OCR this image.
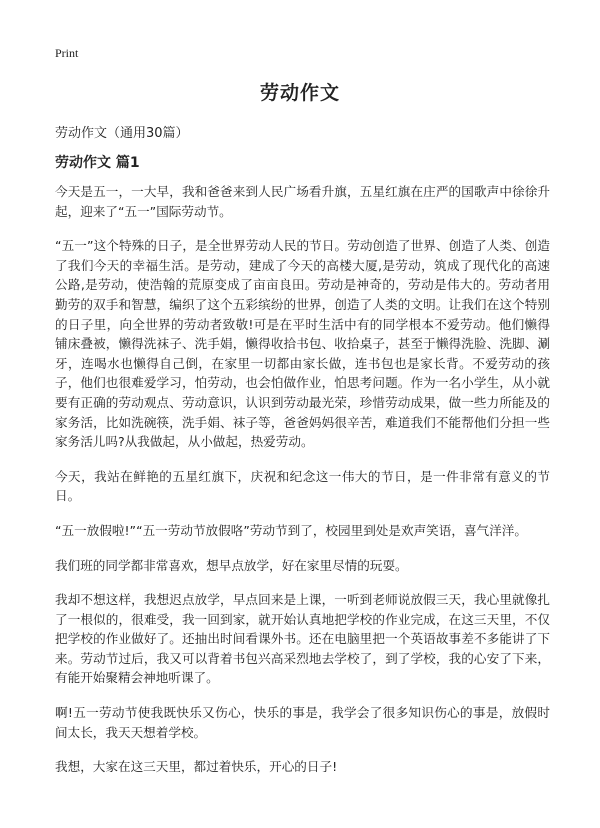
Print
劳动作文
劳动作文（通用30篇）
劳动作文 篇1

今天是五一，一大早，我和爸爸来到人民广场看升旗，五星红旗在庄严的国歌声中徐徐升起，迎来了“五一”国际劳动节。

“五一”这个特殊的日子，是全世界劳动人民的节日。劳动创造了世界、创造了人类、创造了我们今天的幸福生活。是劳动，建成了今天的高楼大厦,是劳动，筑成了现代化的高速公路,是劳动，使浩翰的荒原变成了亩亩良田。劳动是神奇的，劳动是伟大的。劳动者用勤劳的双手和智慧，编织了这个五彩缤纷的世界，创造了人类的文明。让我们在这个特别的日子里，向全世界的劳动者致敬!可是在平时生活中有的同学根本不爱劳动。他们懒得铺床叠被，懒得洗袜子、洗手娟，懒得收拾书包、收拾桌子，甚至于懒得洗脸、洗脚、涮牙，连喝水也懒得自己倒，在家里一切都由家长做，连书包也是家长背。不爱劳动的孩子，他们也很难爱学习，怕劳动，也会怕做作业，怕思考问题。作为一名小学生，从小就要有正确的劳动观点、劳动意识，认识到劳动最光荣，珍惜劳动成果，做一些力所能及的家务活，比如洗碗筷，洗手娟、袜子等，爸爸妈妈很辛苦，难道我们不能帮他们分担一些家务活儿吗?从我做起，从小做起，热爱劳动。

今天，我站在鲜艳的五星红旗下，庆祝和纪念这一伟大的节日，是一件非常有意义的节日。

“五一放假啦!”“五一劳动节放假咯”劳动节到了，校园里到处是欢声笑语，喜气洋洋。

我们班的同学都非常喜欢，想早点放学，好在家里尽情的玩耍。

我却不想这样，我想迟点放学，早点回来是上课，一听到老师说放假三天，我心里就像扎了一根似的，很难受，我一回到家，就开始认真地把学校的作业完成，在这三天里，不仅把学校的作业做好了。还抽出时间看课外书。还在电脑里把一个英语故事差不多能讲了下来。劳动节过后，我又可以背着书包兴高采烈地去学校了，到了学校，我的心安了下来，有能开始聚精会神地听课了。

啊!五一劳动节使我既快乐又伤心，快乐的事是，我学会了很多知识伤心的事是，放假时间太长，我天天想着学校。

我想，大家在这三天里，都过着快乐，开心的日子!
